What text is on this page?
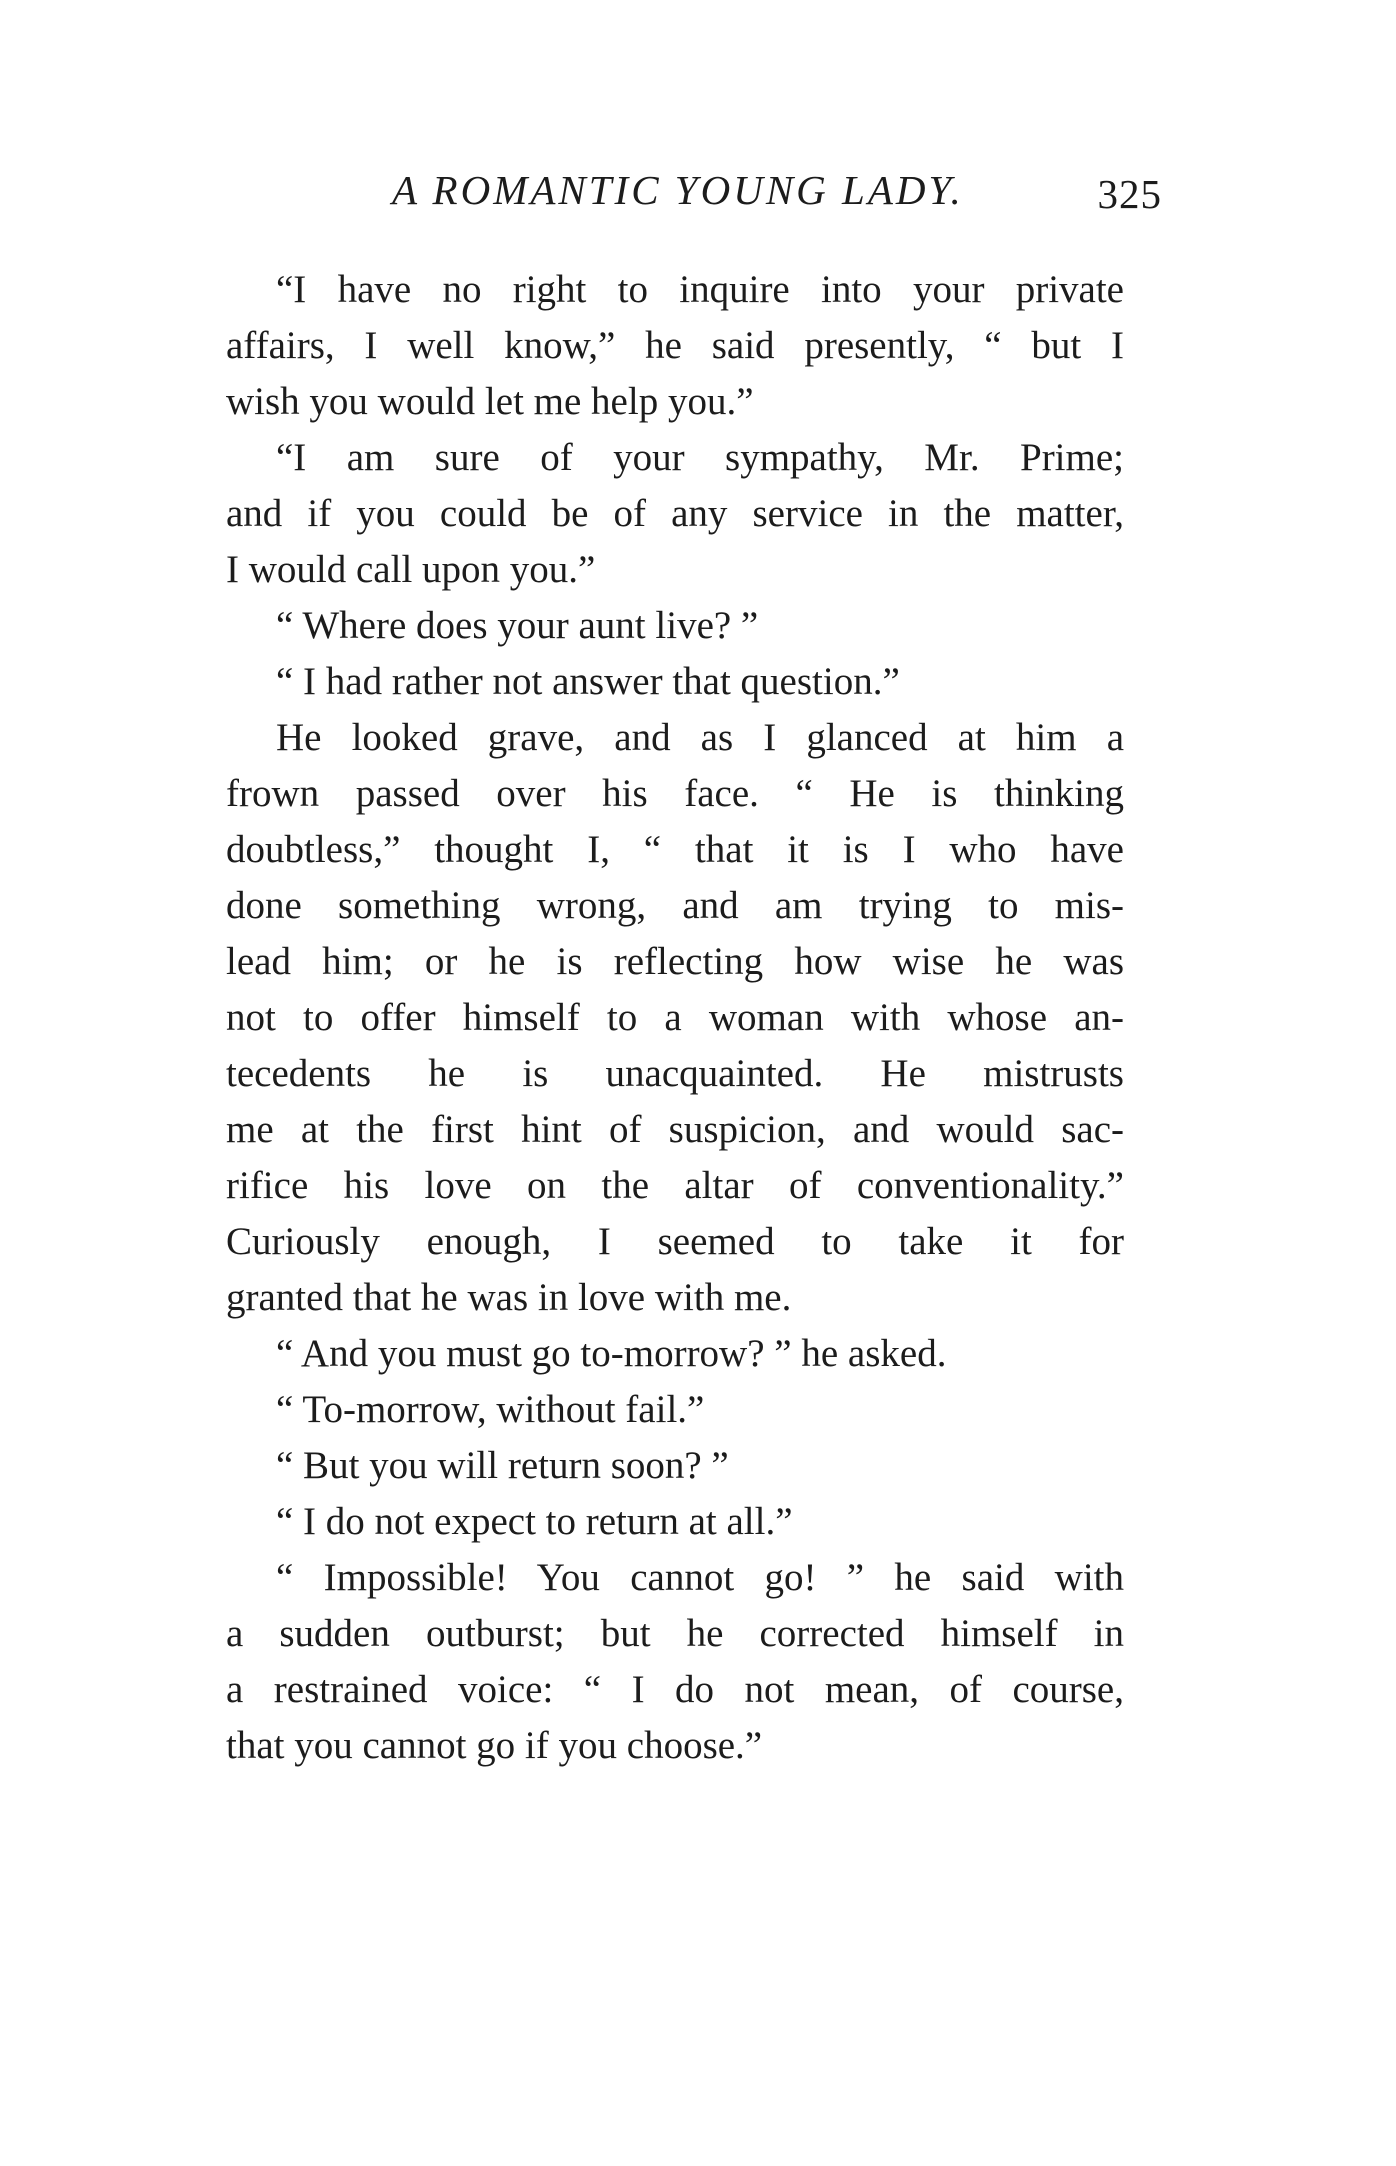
A ROMANTIC YOUNG LADY.	325
“I have no right to inquire into your private
affairs, I well know,” he said presently, “ but I
wish you would let me help you.”
“I am sure of your sympathy, Mr. Prime;
and if you could be of any service in the matter,
I would call upon you.”
“ Where does your aunt live? ”
“ I had rather not answer that question.”
He looked grave, and as I glanced at him a
frown passed over his face. “ He is thinking
doubtless,” thought I, “ that it is I who have
done something wrong, and am trying to mis-
lead him; or he is reflecting how wise he was
not to offer himself to a woman with whose an-
tecedents he is unacquainted. He mistrusts
me at the first hint of suspicion, and would sac-
rifice his love on the altar of conventionality.”
Curiously enough, I seemed to take it for
granted that he was in love with me.
“ And you must go to-morrow? ” he asked.
“ To-morrow, without fail.”
“ But you will return soon? ”
“ I do not expect to return at all.”
“ Impossible! You cannot go! ” he said with
a sudden outburst; but he corrected himself in
a restrained voice: “ I do not mean, of course,
that you cannot go if you choose.”
